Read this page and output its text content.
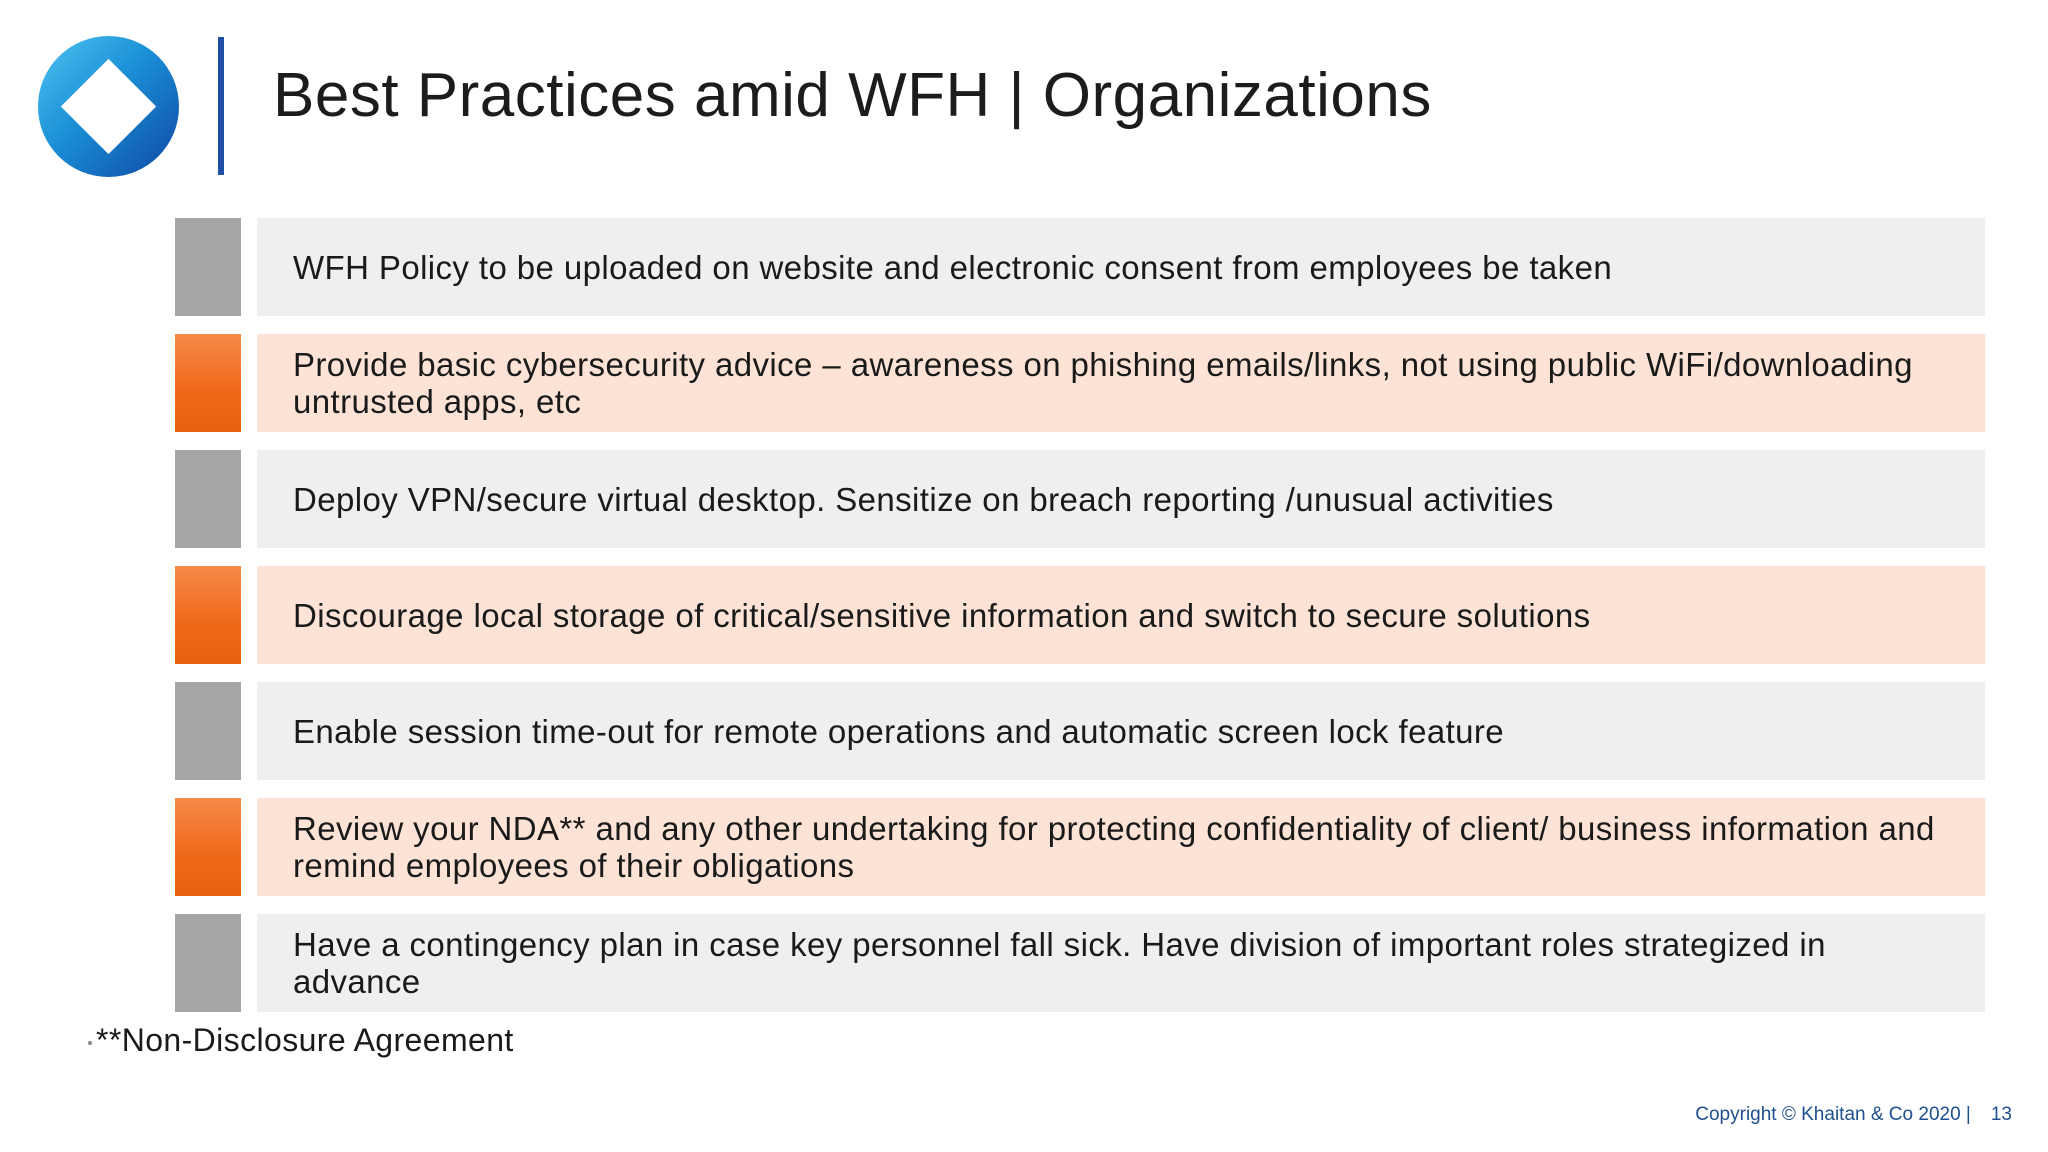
Best Practices amid WFH | Organizations
WFH Policy to be uploaded on website and electronic consent from employees be taken
Provide basic cybersecurity advice – awareness on phishing emails/links, not using public WiFi/downloading untrusted apps, etc
Deploy VPN/secure virtual desktop. Sensitize on breach reporting /unusual activities
Discourage local storage of critical/sensitive information and switch to secure solutions
Enable session time-out for remote operations and automatic screen lock feature
Review your NDA** and any other undertaking for protecting confidentiality of client/ business information and remind employees of their obligations
Have a contingency plan in case key personnel fall sick. Have division of important roles strategized in advance
**Non-Disclosure Agreement
Copyright © Khaitan & Co 2020 | 13
